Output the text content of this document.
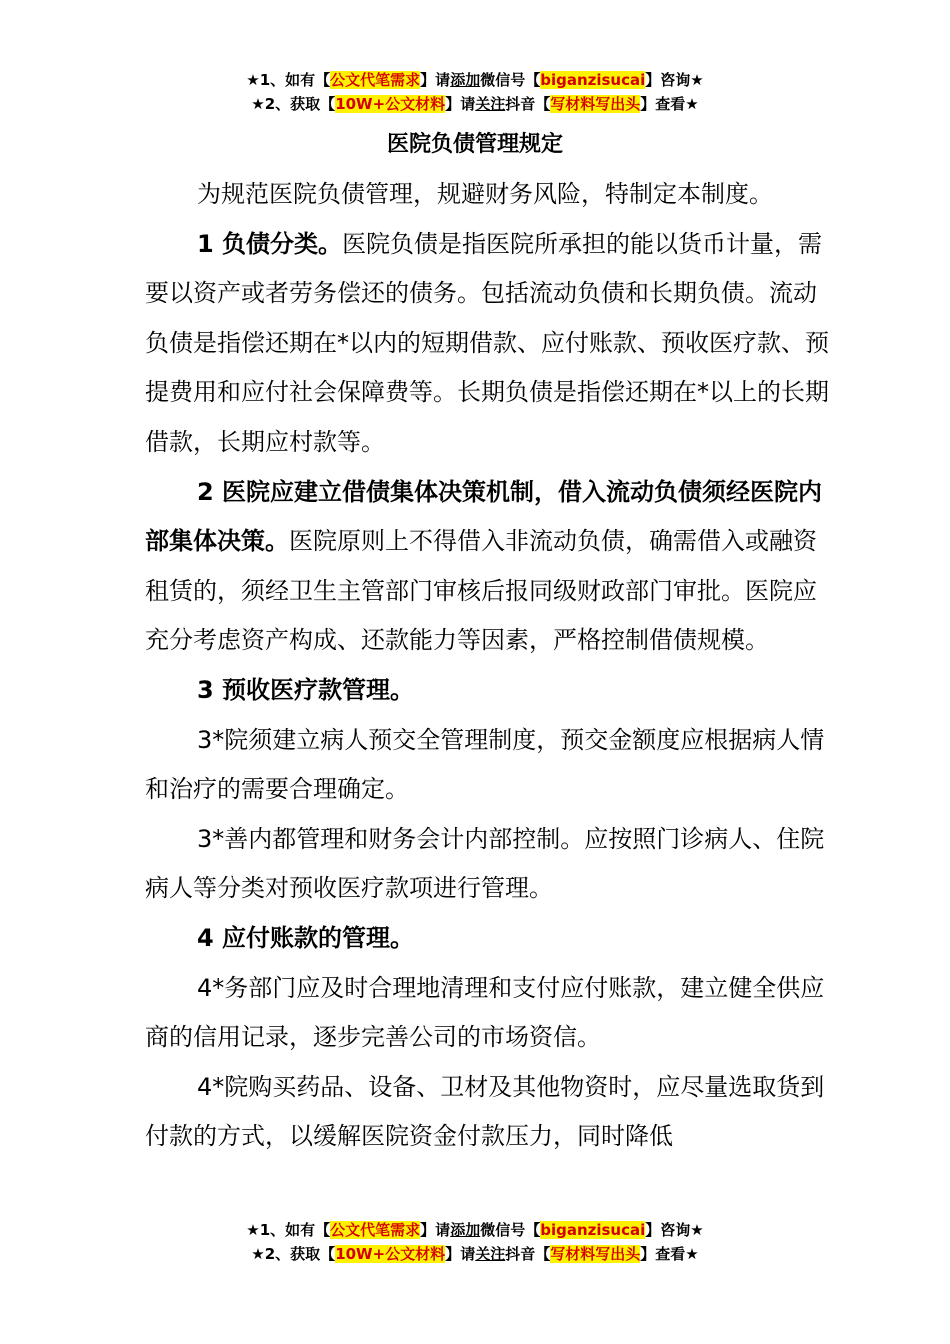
★1、如有【公文代笔需求】请添加微信号【biganzisucai】咨询★
★2、获取【10W+公文材料】请关注抖音【写材料写出头】查看★
医院负债管理规定

为规范医院负债管理，规避财务风险，特制定本制度。

1 负债分类。医院负债是指医院所承担的能以货币计量，需要以资产或者劳务偿还的债务。包括流动负债和长期负债。流动负债是指偿还期在*以内的短期借款、应付账款、预收医疗款、预提费用和应付社会保障费等。长期负债是指偿还期在*以上的长期借款，长期应村款等。

2 医院应建立借债集体决策机制，借入流动负债须经医院内部集体决策。医院原则上不得借入非流动负债，确需借入或融资租赁的，须经卫生主管部门审核后报同级财政部门审批。医院应充分考虑资产构成、还款能力等因素，严格控制借债规模。

3 预收医疗款管理。

3*院须建立病人预交全管理制度，预交金额度应根据病人情和治疗的需要合理确定。

3*善内都管理和财务会计内部控制。应按照门诊病人、住院病人等分类对预收医疗款项进行管理。

4 应付账款的管理。

4*务部门应及时合理地清理和支付应付账款，建立健全供应商的信用记录，逐步完善公司的市场资信。

4*院购买药品、设备、卫材及其他物资时，应尽量选取货到付款的方式，以缓解医院资金付款压力，同时降低

★1、如有【公文代笔需求】请添加微信号【biganzisucai】咨询★
★2、获取【10W+公文材料】请关注抖音【写材料写出头】查看★
